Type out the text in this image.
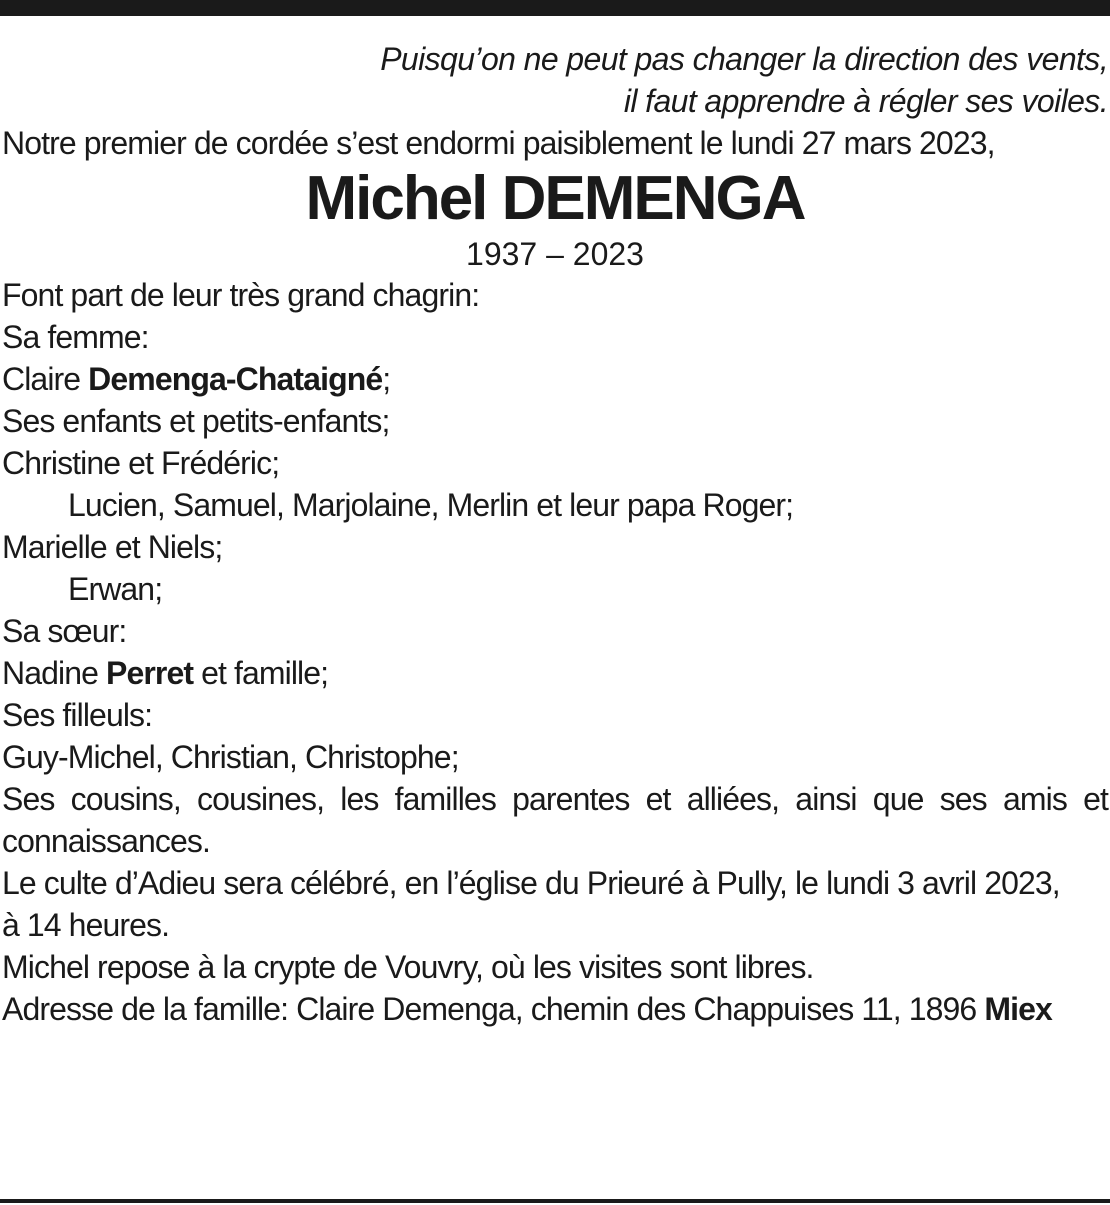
Puisqu’on ne peut pas changer la direction des vents,

il faut apprendre à régler ses voiles.

Notre premier de cordée s’est endormi paisiblement le lundi 27 mars 2023,

Michel DEMENGA

1937 – 2023

Font part de leur très grand chagrin:

Sa femme:

Claire Demenga-Chataigné;

Ses enfants et petits-enfants;

Christine et Frédéric;

Lucien, Samuel, Marjolaine, Merlin et leur papa Roger;

Marielle et Niels;

Erwan;

Sa sœur:

Nadine Perret et famille;

Ses filleuls:

Guy-Michel, Christian, Christophe;

Ses cousins, cousines, les familles parentes et alliées, ainsi que ses amis et connaissances.

Le culte d’Adieu sera célébré, en l’église du Prieuré à Pully, le lundi 3 avril 2023,

à 14 heures.

Michel repose à la crypte de Vouvry, où les visites sont libres.

Adresse de la famille: Claire Demenga, chemin des Chappuises 11, 1896 Miex
